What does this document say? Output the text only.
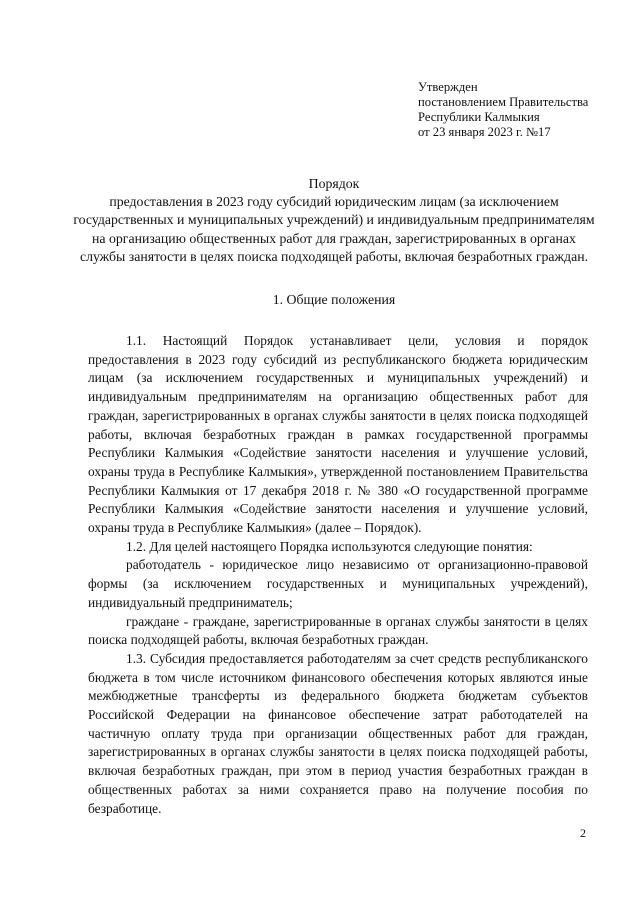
Утвержден
постановлением Правительства
Республики Калмыкия
от 23 января 2023 г. №17
Порядок
предоставления в 2023 году субсидий юридическим лицам (за исключением государственных и муниципальных учреждений) и индивидуальным предпринимателям на организацию общественных работ для граждан, зарегистрированных в органах службы занятости в целях поиска подходящей работы, включая безработных граждан.
1. Общие положения

1.1. Настоящий Порядок устанавливает цели, условия и порядок предоставления в 2023 году субсидий из республиканского бюджета юридическим лицам (за исключением государственных и муниципальных учреждений) и индивидуальным предпринимателям на организацию общественных работ для граждан, зарегистрированных в органах службы занятости в целях поиска подходящей работы, включая безработных граждан в рамках государственной программы Республики Калмыкия «Содействие занятости населения и улучшение условий, охраны труда в Республике Калмыкия», утвержденной постановлением Правительства Республики Калмыкия от 17 декабря 2018 г. № 380 «О государственной программе Республики Калмыкия «Содействие занятости населения и улучшение условий, охраны труда в Республике Калмыкия» (далее – Порядок).

1.2. Для целей настоящего Порядка используются следующие понятия:

работодатель - юридическое лицо независимо от организационно-правовой формы (за исключением государственных и муниципальных учреждений), индивидуальный предприниматель;

граждане - граждане, зарегистрированные в органах службы занятости в целях поиска подходящей работы, включая безработных граждан.

1.3. Субсидия предоставляется работодателям за счет средств республиканского бюджета в том числе источником финансового обеспечения которых являются иные межбюджетные трансферты из федерального бюджета бюджетам субъектов Российской Федерации на финансовое обеспечение затрат работодателей на частичную оплату труда при организации общественных работ для граждан, зарегистрированных в органах службы занятости в целях поиска подходящей работы, включая безработных граждан, при этом в период участия безработных граждан в общественных работах за ними сохраняется право на получение пособия по безработице.

2
